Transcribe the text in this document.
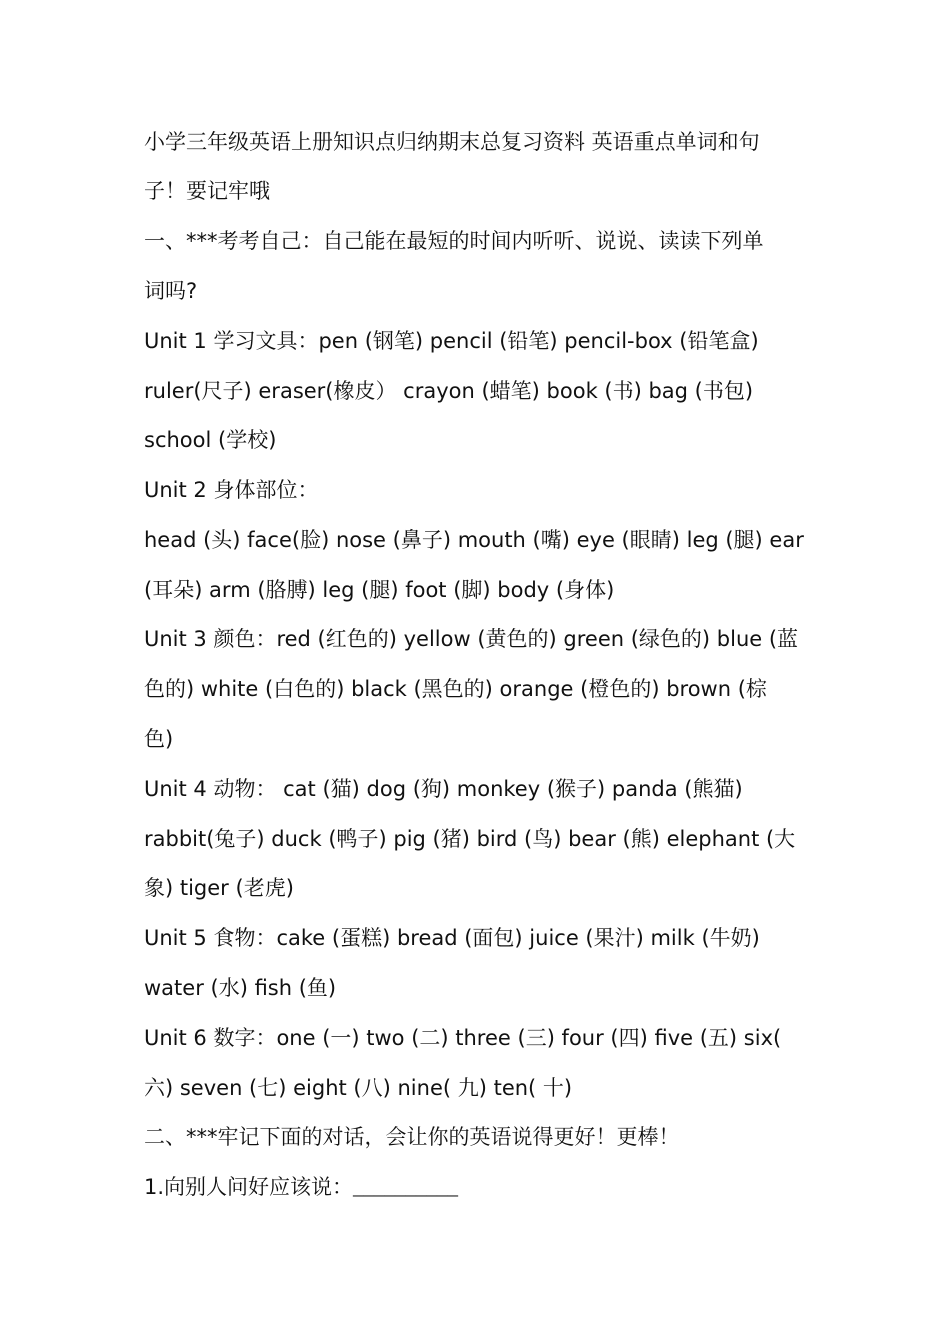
小学三年级英语上册知识点归纳期末总复习资料 英语重点单词和句
子！要记牢哦
一、***考考自己：自己能在最短的时间内听听、说说、读读下列单
词吗?
Unit 1 学习文具：pen (钢笔) pencil (铅笔) pencil-box (铅笔盒)
ruler(尺子) eraser(橡皮） crayon (蜡笔) book (书) bag (书包)
school (学校)
Unit 2 身体部位：
head (头) face(脸) nose (鼻子) mouth (嘴) eye (眼睛) leg (腿) ear
(耳朵) arm (胳膊) leg (腿) foot (脚) body (身体)
Unit 3 颜色：red (红色的) yellow (黄色的) green (绿色的) blue (蓝
色的) white (白色的) black (黑色的) orange (橙色的) brown (棕
色)
Unit 4 动物： cat (猫) dog (狗) monkey (猴子) panda (熊猫)
rabbit(兔子) duck (鸭子) pig (猪) bird (鸟) bear (熊) elephant (大
象) tiger (老虎)
Unit 5 食物：cake (蛋糕) bread (面包) juice (果汁) milk (牛奶)
water (水) fish (鱼)
Unit 6 数字：one (一) two (二) three (三) four (四) five (五) six(
六) seven (七) eight (八) nine( 九) ten( 十)
二、***牢记下面的对话，会让你的英语说得更好！更棒！
1.向别人问好应该说：__________
